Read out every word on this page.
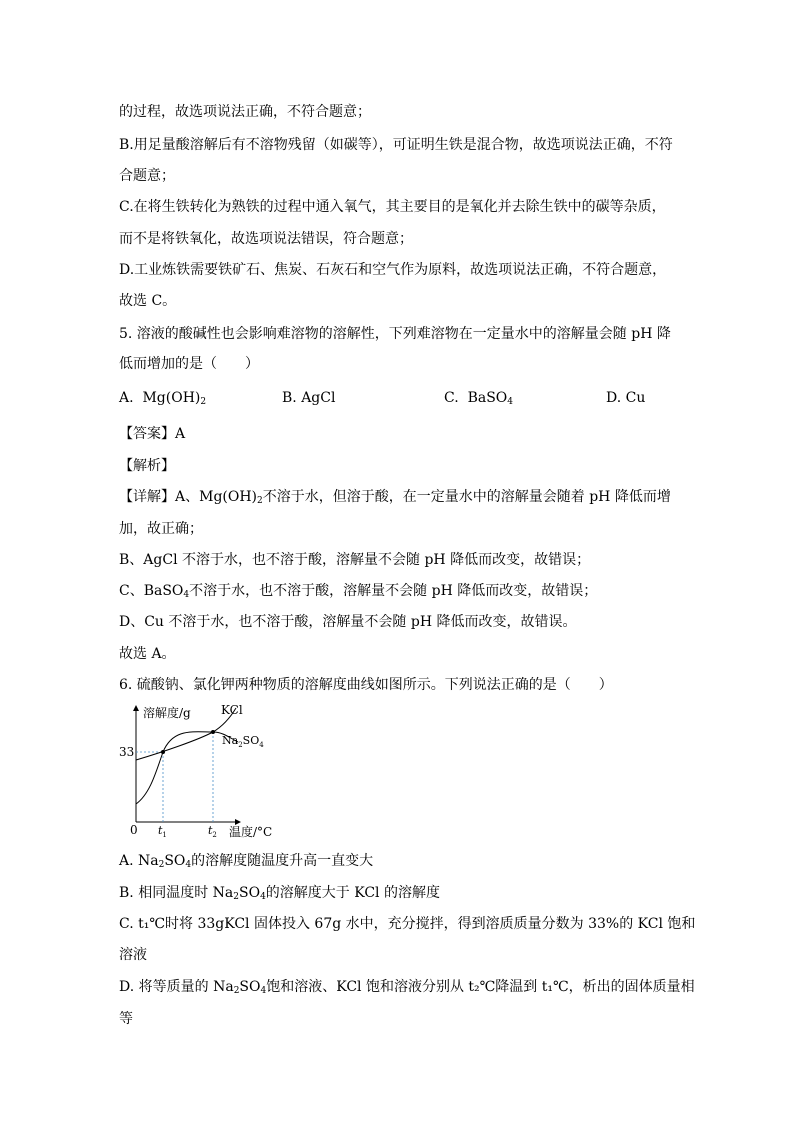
的过程，故选项说法正确，不符合题意；
B.用足量酸溶解后有不溶物残留（如碳等），可证明生铁是混合物，故选项说法正确，不符
合题意；
C.在将生铁转化为熟铁的过程中通入氧气，其主要目的是氧化并去除生铁中的碳等杂质，
而不是将铁氧化，故选项说法错误，符合题意；
D.工业炼铁需要铁矿石、焦炭、石灰石和空气作为原料，故选项说法正确，不符合题意，
故选 C。
5. 溶液的酸碱性也会影响难溶物的溶解性，下列难溶物在一定量水中的溶解量会随 pH 降
低而增加的是（　　）
A. $Mg(OH)_2$	B. AgCl	C. BaSO$_4$	D. Cu
【答案】A
【解析】
【详解】A、$Mg(OH)_2$不溶于水，但溶于酸，在一定量水中的溶解量会随着 pH 降低而增
加，故正确；
B、AgCl 不溶于水，也不溶于酸，溶解量不会随 pH 降低而改变，故错误；
C、BaSO$_4$不溶于水，也不溶于酸，溶解量不会随 pH 降低而改变，故错误；
D、Cu 不溶于水，也不溶于酸，溶解量不会随 pH 降低而改变，故错误。
故选 A。
6. 硫酸钠、氯化钾两种物质的溶解度曲线如图所示。下列说法正确的是（　　）
溶解度/g	KCl
$Na_2SO_4$
33
0 $t_1$	$t_2$ 温度/°C
A. $Na_2SO_4$的溶解度随温度升高一直变大
B. 相同温度时 $Na_2SO_4$的溶解度大于 KCl 的溶解度
C. t₁℃时将 33gKCl 固体投入 67g 水中，充分搅拌，得到溶质质量分数为 33%的 KCl 饱和
溶液
D. 将等质量的 $Na_2SO_4$饱和溶液、KCl 饱和溶液分别从 t₂℃降温到 t₁℃，析出的固体质量相
等
